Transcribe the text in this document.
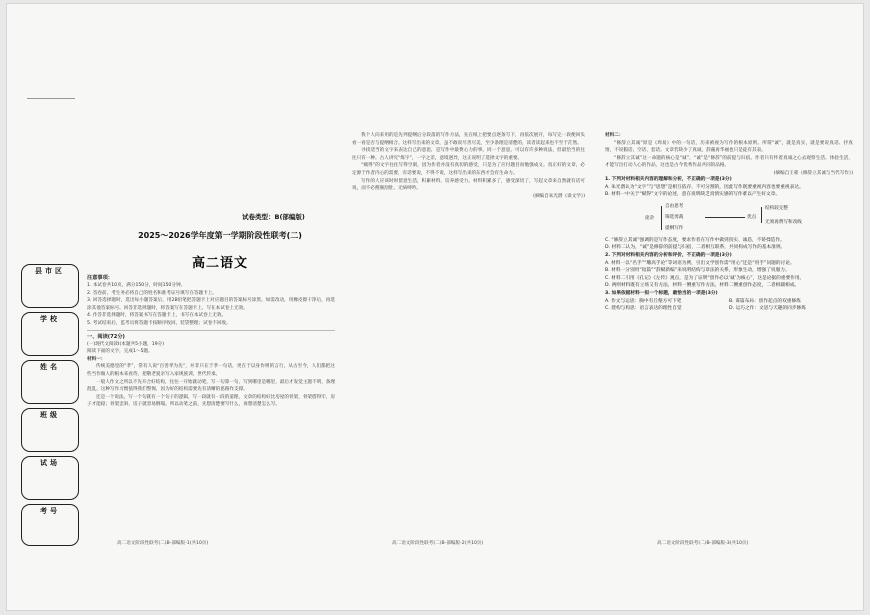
县市区
学校
姓名
班级
试场
考号
试卷类型：B(部编版)
2025～2026学年度第一学期阶段性联考(二)
高二语文
注意事项：
1. 本试卷共10页，满分150分，时间150分钟。
2. 答卷前，考生务必将自己的姓名和准考证号填写在答题卡上。
3. 回答选择题时，选出每小题答案后，用2B铅笔把答题卡上对应题目的答案标号涂黑。如需改动，用橡皮擦干净后，再选涂其他答案标号。回答非选择题时，将答案写在答题卡上，写在本试卷上无效。
4. 作答非选择题时，将答案书写在答题卡上，书写在本试卷上无效。
5. 考试结束后，监考员将答题卡按顺序收回，装袋整理；试卷不回收。
一、阅读(72分)
(一)现代文阅读Ⅰ(本题共5小题，19分)
阅读下面的文字，完成1～5题。
材料一：
传统美德里的“孝”，常有人说“百善孝为先”，并非只在于孝一句话，更在于以身作则的言行，从古至今，人们都把这些当作做人的根本来看待，把敬老爱亲写入家规族训，世代传承。
一般人作文之所以不先开合好结构，往往一开始就动笔，写一句算一句，写到哪里是哪里，最后才发觉主题不明，条理混乱。这种写作习惯值得我们警惕，因为好的结构需要先有清晰的思路作支撑。
还是一个说法，写一个句就有一个句子的逻辑，写一段就有一段的道理，文章的结构好比房屋的骨架，骨架搭得牢，房子才能稳；骨架歪斜，房子就容易倒塌。所以动笔之前，先想清楚要写什么，再想清楚怎么写。
高二语文阶段性联考(二)B-部编版-1(共10页)
我个人向来用的是先列提纲后分段落的写作方法，先在纸上把要点逐条写下，再依次展开，每写完一段便回头看一看是否与提纲相合。这样写出来的文章，虽不敢说尽善尽美，至少条理是清楚的，读者读起来也不至于茫然。
寻找适当的文字来表达自己的意思，是写作中最费心力的事。同一个意思，可以有许多种说法，但最恰当的往往只有一种。古人讲究“炼字”，一字之差，意境迥异，这正说明了选择文字的重要。
“赋得”的文字往往写得空洞，因为作者并没有真切的感受，只是为了应付题目而勉强成文。真正好的文章，必定源于作者内心的需要，有话要说，不得不说，这样写出来的东西才会有生命力。
写作的人应该时时留意生活，积累材料，培养感受力。材料积累多了，感受深切了，写起文章来自然就有话可说，而不必搜肠刮肚、无病呻吟。
(摘编自朱光潜《谈文学》)
高二语文阶段性联考(二)B-部编版-2(共10页)
材料二：
“修辞立其诚”原是《周易》中的一句话，历来被视为写作的根本原则。所谓“诚”，就是真实，就是要说真话、抒真情，不说假话、空话、套话。文章若缺少了真诚，辞藻再华丽也只是徒有其表。
“修辞立其诚”这一命题的核心是“诚”，“诚”是“修辞”的前提与归宿。作者只有怀着真诚之心去观察生活、体验生活，才能写出打动人心的作品，这也是古今优秀作品共同的品格。
(摘编自王蒙《修辞立其诚与当代写作》)
1. 下列对材料相关内容的理解和分析，不正确的一项是(3分)
A. 朱光潜认为“文字”与“思想”是相互依存、不可分割的，因此写作既要重视内容也要重视表达。
B. 材料一中关于“赋得”文字的论述，意在说明缺乏真情实感的写作难以产生好文章。
庞杂
自由思考
筛选剪裁
提纲写作
优点
结构较完整
无须再费写和改线
C. “修辞立其诚”强调的是写作态度，要求作者在写作中做到真实、诚恳，不矫揉造作。
D. 材料二认为，“诚”是修辞的前提与归宿，二者相互联系，共同构成写作的基本准则。
2. 下列对材料相关内容的分析和评价，不正确的一项是(3分)
A. 材料一以“名手”“雕高手论”等词语为例，引出文学创作需“用心”还是“用手”问题的讨论。
B. 材料一分别用“短篇”“辞赋新编”来说明结构与章法的关系，形象生动，增强了说服力。
C. 材料二引用《孔记》《左传》观点，是为了证明“创作必以‘诚’为核心”，这是论据的重要作用。
D. 两则材料既有立场又有方法，材料一侧重写作方法，材料二侧重创作态度，二者相辅相成。
3. 如果依据材料一拟一个标题，最恰当的一项是(3分)
A. 作文与运思：胸中有丘壑方可下笔	B. 谋篇布局：创作起点的双重修炼
C. 建构与构思：语言表达的理性自觉	D. 运巧之作：文思与天趣的同步修炼
高二语文阶段性联考(二)B-部编版-3(共10页)
